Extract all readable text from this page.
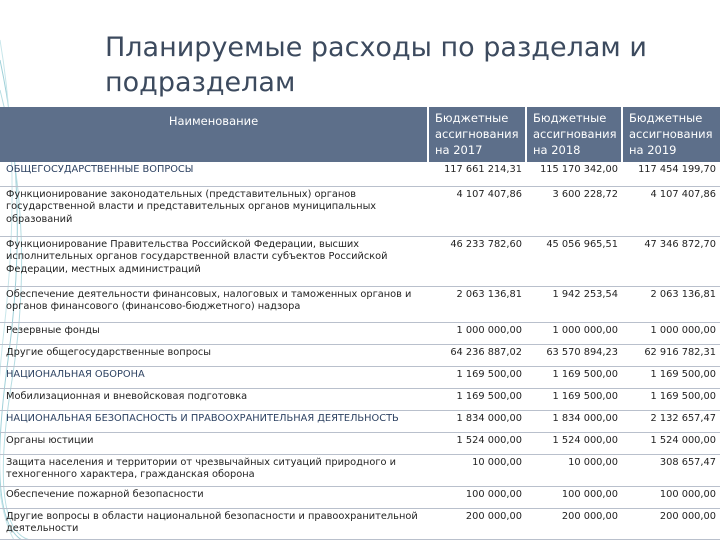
Планируемые расходы по разделам и подразделам
Наименование	Бюджетные ассигнования на 2017	Бюджетные ассигнования на 2018	Бюджетные ассигнования на 2019
ОБЩЕГОСУДАРСТВЕННЫЕ ВОПРОСЫ	117 661 214,31	115 170 342,00	117 454 199,70
Функционирование законодательных (представительных) органов государственной власти и представительных органов муниципальных образований	4 107 407,86	3 600 228,72	4 107 407,86
Функционирование Правительства Российской Федерации, высших исполнительных органов государственной власти субъектов Российской Федерации, местных администраций	46 233 782,60	45 056 965,51	47 346 872,70
Обеспечение деятельности финансовых, налоговых и таможенных органов и органов финансового (финансово-бюджетного) надзора	2 063 136,81	1 942 253,54	2 063 136,81
Резервные фонды	1 000 000,00	1 000 000,00	1 000 000,00
Другие общегосударственные вопросы	64 236 887,02	63 570 894,23	62 916 782,31
НАЦИОНАЛЬНАЯ ОБОРОНА	1 169 500,00	1 169 500,00	1 169 500,00
Мобилизационная и вневойсковая подготовка	1 169 500,00	1 169 500,00	1 169 500,00
НАЦИОНАЛЬНАЯ БЕЗОПАСНОСТЬ И ПРАВООХРАНИТЕЛЬНАЯ ДЕЯТЕЛЬНОСТЬ	1 834 000,00	1 834 000,00	2 132 657,47
Органы юстиции	1 524 000,00	1 524 000,00	1 524 000,00
Защита населения и территории от чрезвычайных ситуаций природного и техногенного характера, гражданская оборона	10 000,00	10 000,00	308 657,47
Обеспечение пожарной безопасности	100 000,00	100 000,00	100 000,00
Другие вопросы в области национальной безопасности и правоохранительной деятельности	200 000,00	200 000,00	200 000,00
